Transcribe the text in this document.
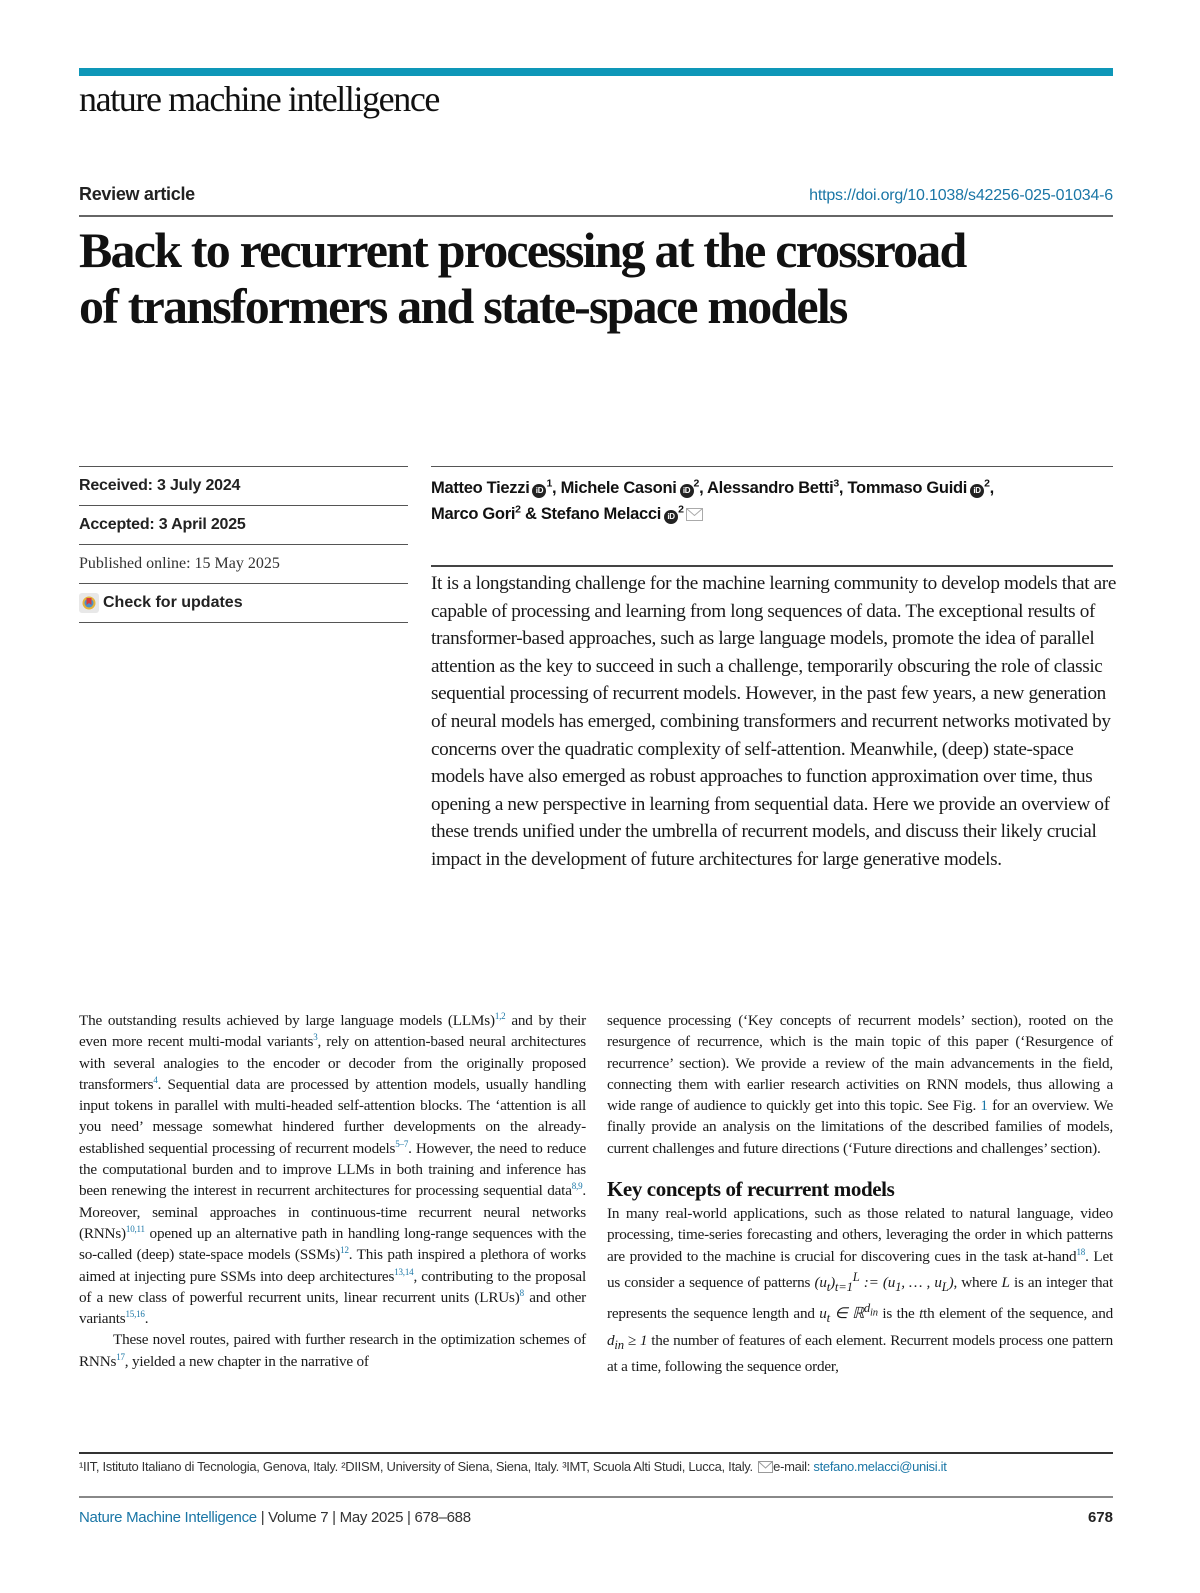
nature machine intelligence
Review article	https://doi.org/10.1038/s42256-025-01034-6
Back to recurrent processing at the crossroad of transformers and state-space models
Received: 3 July 2024
Accepted: 3 April 2025
Published online: 15 May 2025
Check for updates
Matteo Tiezzi iD$^1$, Michele Casoni iD$^2$, Alessandro Betti$^3$, Tommaso Guidi iD$^2$,
Marco Gori$^2$ & Stefano Melacci iD$^2$

It is a longstanding challenge for the machine learning community to develop models that are capable of processing and learning from long sequences of data. The exceptional results of transformer-based approaches, such as large language models, promote the idea of parallel attention as the key to succeed in such a challenge, temporarily obscuring the role of classic sequential processing of recurrent models. However, in the past few years, a new generation of neural models has emerged, combining transformers and recurrent networks motivated by concerns over the quadratic complexity of self-attention. Meanwhile, (deep) state-space models have also emerged as robust approaches to function approximation over time, thus opening a new perspective in learning from sequential data. Here we provide an overview of these trends unified under the umbrella of recurrent models, and discuss their likely crucial impact in the development of future architectures for large generative models.

The outstanding results achieved by large language models (LLMs)$^{1,2}$ and by their even more recent multi-modal variants$^3$, rely on attention-based neural architectures with several analogies to the encoder or decoder from the originally proposed transformers$^4$. Sequential data are processed by attention models, usually handling input tokens in parallel with multi-headed self-attention blocks. The ‘attention is all you need’ message somewhat hindered further developments on the already-established sequential processing of recurrent models$^{5-7}$. However, the need to reduce the computational burden and to improve LLMs in both training and inference has been renewing the interest in recurrent architectures for processing sequential data$^{8,9}$. Moreover, seminal approaches in continuous-time recurrent neural networks (RNNs)$^{10,11}$ opened up an alternative path in handling long-range sequences with the so-called (deep) state-space models (SSMs)$^{12}$. This path inspired a plethora of works aimed at injecting pure SSMs into deep architectures$^{13,14}$, contributing to the proposal of a new class of powerful recurrent units, linear recurrent units (LRUs)$^8$ and other variants$^{15,16}$.

These novel routes, paired with further research in the optimization schemes of RNNs$^{17}$, yielded a new chapter in the narrative of

sequence processing (‘Key concepts of recurrent models’ section), rooted on the resurgence of recurrence, which is the main topic of this paper (‘Resurgence of recurrence’ section). We provide a review of the main advancements in the field, connecting them with earlier research activities on RNN models, thus allowing a wide range of audience to quickly get into this topic. See Fig. 1 for an overview. We finally provide an analysis on the limitations of the described families of models, current challenges and future directions (‘Future directions and challenges’ section).

Key concepts of recurrent models

In many real-world applications, such as those related to natural language, video processing, time-series forecasting and others, leveraging the order in which patterns are provided to the machine is crucial for discovering cues in the task at-hand$^{18}$. Let us consider a sequence of patterns $(u_t)_{t=1}^L$ := ($u_1$, … , $u_L$), where L is an integer that represents the sequence length and $u_t$ ∈ ℝ$^{d_{in}}$ is the tth element of the sequence, and $d_{in} \ge 1$ the number of features of each element. Recurrent models process one pattern at a time, following the sequence order,

¹IIT, Istituto Italiano di Tecnologia, Genova, Italy. ²DIISM, University of Siena, Siena, Italy. ³IMT, Scuola Alti Studi, Lucca, Italy. e-mail: stefano.melacci@unisi.it
Nature Machine Intelligence | Volume 7 | May 2025 | 678–688	678
